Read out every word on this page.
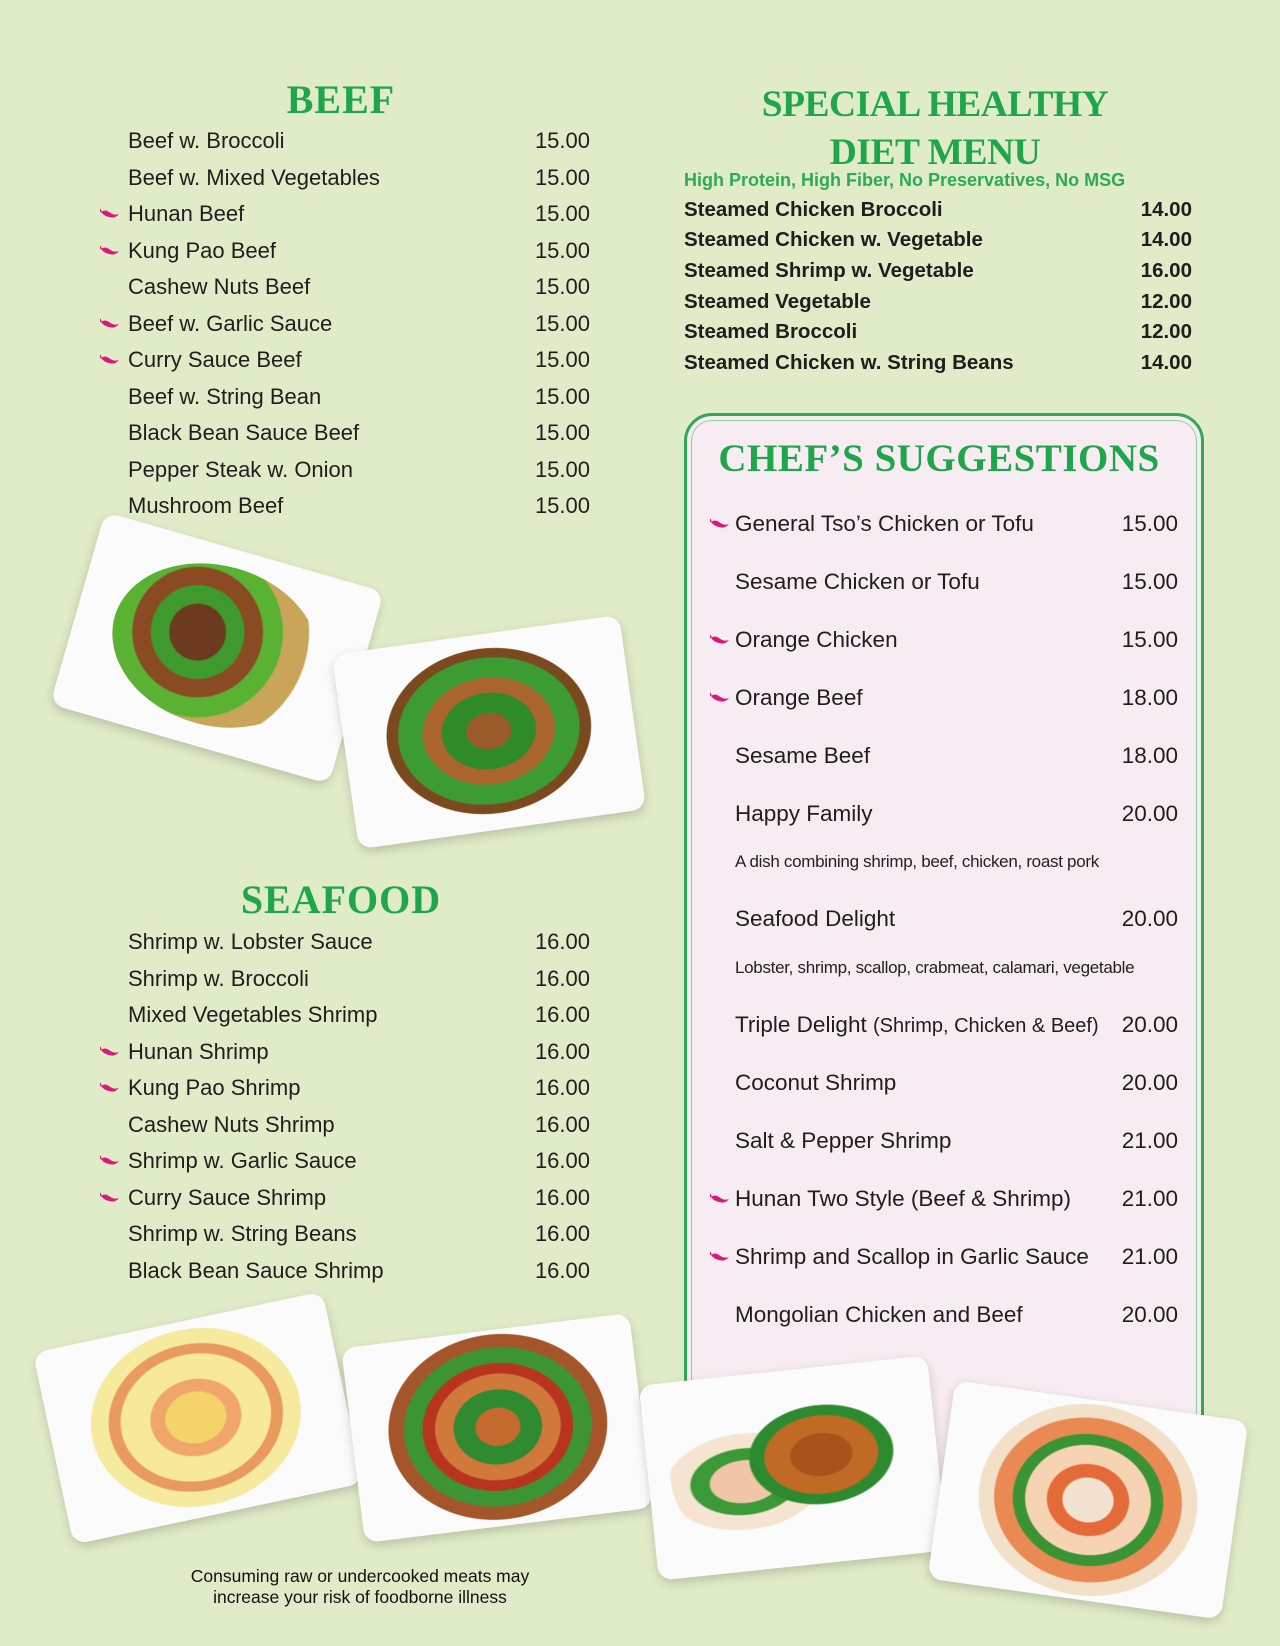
BEEF
Beef w. Broccoli	15.00
Beef w. Mixed Vegetables	15.00
Hunan Beef	15.00
Kung Pao Beef	15.00
Cashew Nuts Beef	15.00
Beef w. Garlic Sauce	15.00
Curry Sauce Beef	15.00
Beef w. String Bean	15.00
Black Bean Sauce Beef	15.00
Pepper Steak w. Onion	15.00
Mushroom Beef	15.00
SEAFOOD
Shrimp w. Lobster Sauce	16.00
Shrimp w. Broccoli	16.00
Mixed Vegetables Shrimp	16.00
Hunan Shrimp	16.00
Kung Pao Shrimp	16.00
Cashew Nuts Shrimp	16.00
Shrimp w. Garlic Sauce	16.00
Curry Sauce Shrimp	16.00
Shrimp w. String Beans	16.00
Black Bean Sauce Shrimp	16.00
Consuming raw or undercooked meats may
increase your risk of foodborne illness
SPECIAL HEALTHY
DIET MENU
High Protein, High Fiber, No Preservatives, No MSG
Steamed Chicken Broccoli	14.00
Steamed Chicken w. Vegetable	14.00
Steamed Shrimp w. Vegetable	16.00
Steamed Vegetable	12.00
Steamed Broccoli	12.00
Steamed Chicken w. String Beans	14.00
CHEF’S SUGGESTIONS
General Tso’s Chicken or Tofu	15.00
Sesame Chicken or Tofu	15.00
Orange Chicken	15.00
Orange Beef	18.00
Sesame Beef	18.00
Happy Family	20.00
A dish combining shrimp, beef, chicken, roast pork
Seafood Delight	20.00
Lobster, shrimp, scallop, crabmeat, calamari, vegetable
Triple Delight (Shrimp, Chicken & Beef) 20.00
Coconut Shrimp	20.00
Salt & Pepper Shrimp	21.00
Hunan Two Style (Beef & Shrimp) 21.00
Shrimp and Scallop in Garlic Sauce 21.00
Mongolian Chicken and Beef	20.00
